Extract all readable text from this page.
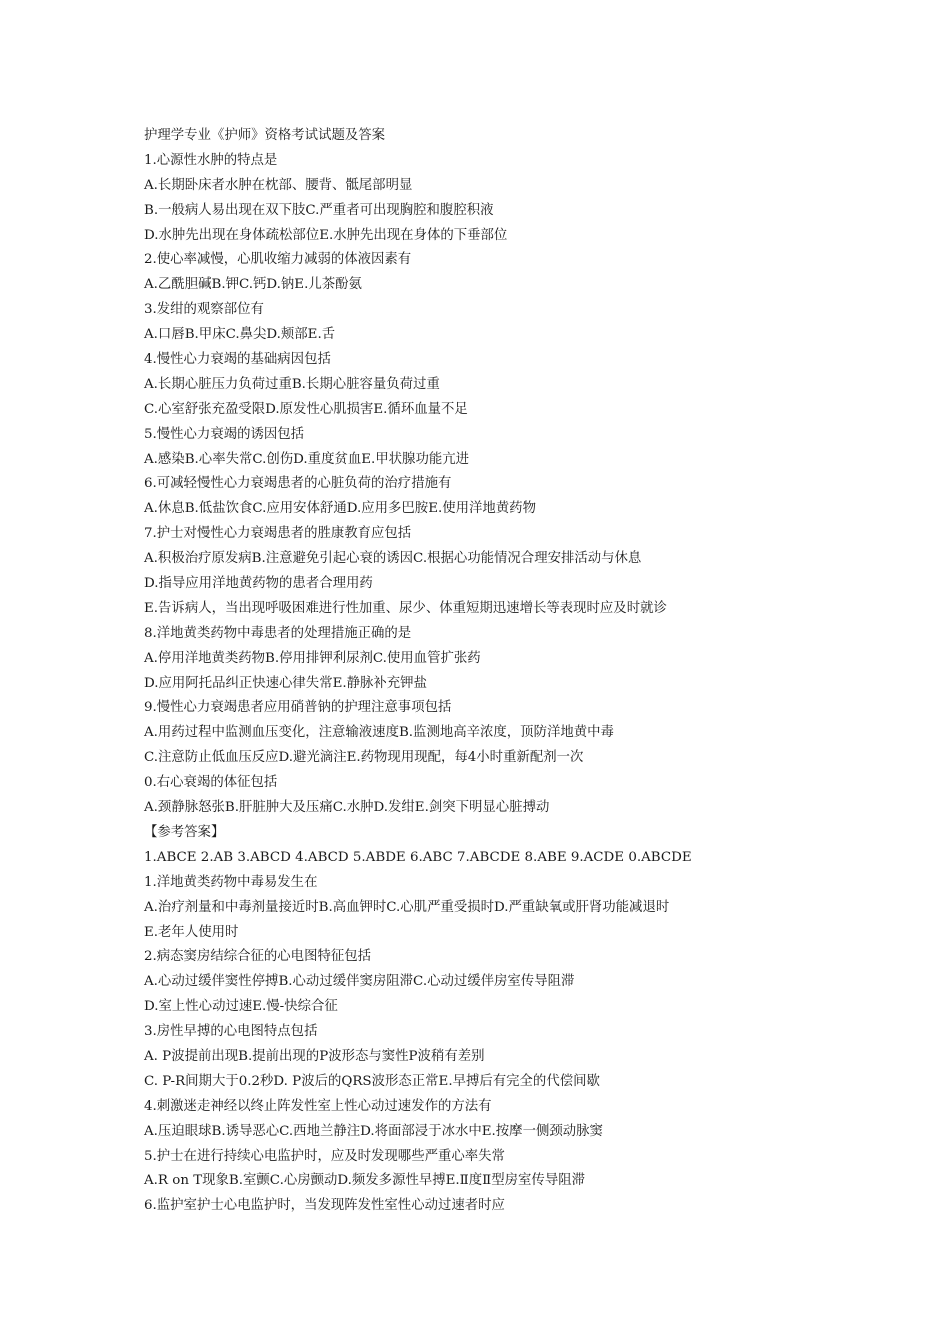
护理学专业《护师》资格考试试题及答案
1.心源性水肿的特点是
A.长期卧床者水肿在枕部、腰背、骶尾部明显
B.一般病人易出现在双下肢C.严重者可出现胸腔和腹腔积液
D.水肿先出现在身体疏松部位E.水肿先出现在身体的下垂部位
2.使心率减慢，心肌收缩力减弱的体液因素有
A.乙酰胆碱B.钾C.钙D.钠E.儿茶酚氨
3.发绀的观察部位有
A.口唇B.甲床C.鼻尖D.颊部E.舌
4.慢性心力衰竭的基础病因包括
A.长期心脏压力负荷过重B.长期心脏容量负荷过重
C.心室舒张充盈受限D.原发性心肌损害E.循环血量不足
5.慢性心力衰竭的诱因包括
A.感染B.心率失常C.创伤D.重度贫血E.甲状腺功能亢进
6.可减轻慢性心力衰竭患者的心脏负荷的治疗措施有
A.休息B.低盐饮食C.应用安体舒通D.应用多巴胺E.使用洋地黄药物
7.护士对慢性心力衰竭患者的胜康教育应包括
A.积极治疗原发病B.注意避免引起心衰的诱因C.根据心功能情况合理安排活动与休息
D.指导应用洋地黄药物的患者合理用药
E.告诉病人，当出现呼吸困难进行性加重、尿少、体重短期迅速增长等表现时应及时就诊
8.洋地黄类药物中毒患者的处理措施正确的是
A.停用洋地黄类药物B.停用排钾利尿剂C.使用血管扩张药
D.应用阿托品纠正快速心律失常E.静脉补充钾盐
9.慢性心力衰竭患者应用硝普钠的护理注意事项包括
A.用药过程中监测血压变化，注意输液速度B.监测地高辛浓度，顶防洋地黄中毒
C.注意防止低血压反应D.避光滴注E.药物现用现配，每4小时重新配剂一次
0.右心衰竭的体征包括
A.颈静脉怒张B.肝脏肿大及压痛C.水肿D.发绀E.剑突下明显心脏搏动
【参考答案】
1.ABCE 2.AB 3.ABCD 4.ABCD 5.ABDE 6.ABC 7.ABCDE 8.ABE 9.ACDE 0.ABCDE
1.洋地黄类药物中毒易发生在
A.治疗剂量和中毒剂量接近时B.高血钾时C.心肌严重受损时D.严重缺氧或肝肾功能减退时
E.老年人使用时
2.病态窦房结综合征的心电图特征包括
A.心动过缓伴窦性停搏B.心动过缓伴窦房阻滞C.心动过缓伴房室传导阻滞
D.室上性心动过速E.慢-快综合征
3.房性早搏的心电图特点包括
A. P波提前出现B.提前出现的P波形态与窦性P波稍有差别
C. P-R间期大于0.2秒D. P波后的QRS波形态正常E.早搏后有完全的代偿间歇
4.刺激迷走神经以终止阵发性室上性心动过速发作的方法有
A.压迫眼球B.诱导恶心C.西地兰静注D.将面部浸于冰水中E.按摩一侧颈动脉窦
5.护士在进行持续心电监护时，应及时发现哪些严重心率失常
A.R on T现象B.室颤C.心房颤动D.频发多源性早搏E.Ⅱ度Ⅱ型房室传导阻滞
6.监护室护士心电监护时，当发现阵发性室性心动过速者时应
